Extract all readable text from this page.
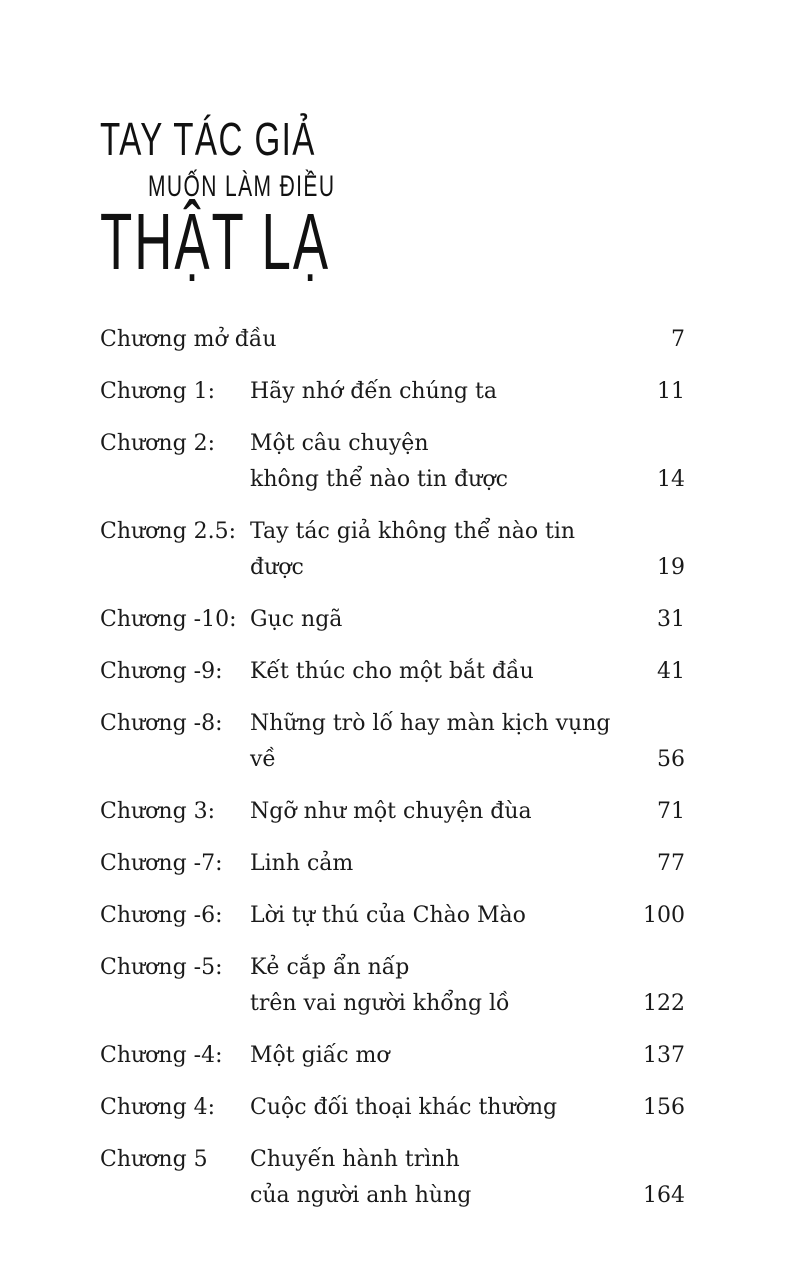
TAY TÁC GIẢ
MUỐN LÀM ĐIỀU
THẬT LẠ
Chương mở đầu	7
Chương 1:	Hãy nhớ đến chúng ta	11
Chương 2:	Một câu chuyện
không thể nào tin được	14
Chương 2.5: Tay tác giả không thể nào tin được	19
Chương -10: Gục ngã	31
Chương -9:	Kết thúc cho một bắt đầu	41
Chương -8:	Những trò lố hay màn kịch vụng về	56
Chương 3:	Ngỡ như một chuyện đùa	71
Chương -7:	Linh cảm	77
Chương -6:	Lời tự thú của Chào Mào	100
Chương -5:	Kẻ cắp ẩn nấp
trên vai người khổng lồ	122
Chương -4:	Một giấc mơ	137
Chương 4:	Cuộc đối thoại khác thường	156
Chương 5	Chuyến hành trình
của người anh hùng	164
